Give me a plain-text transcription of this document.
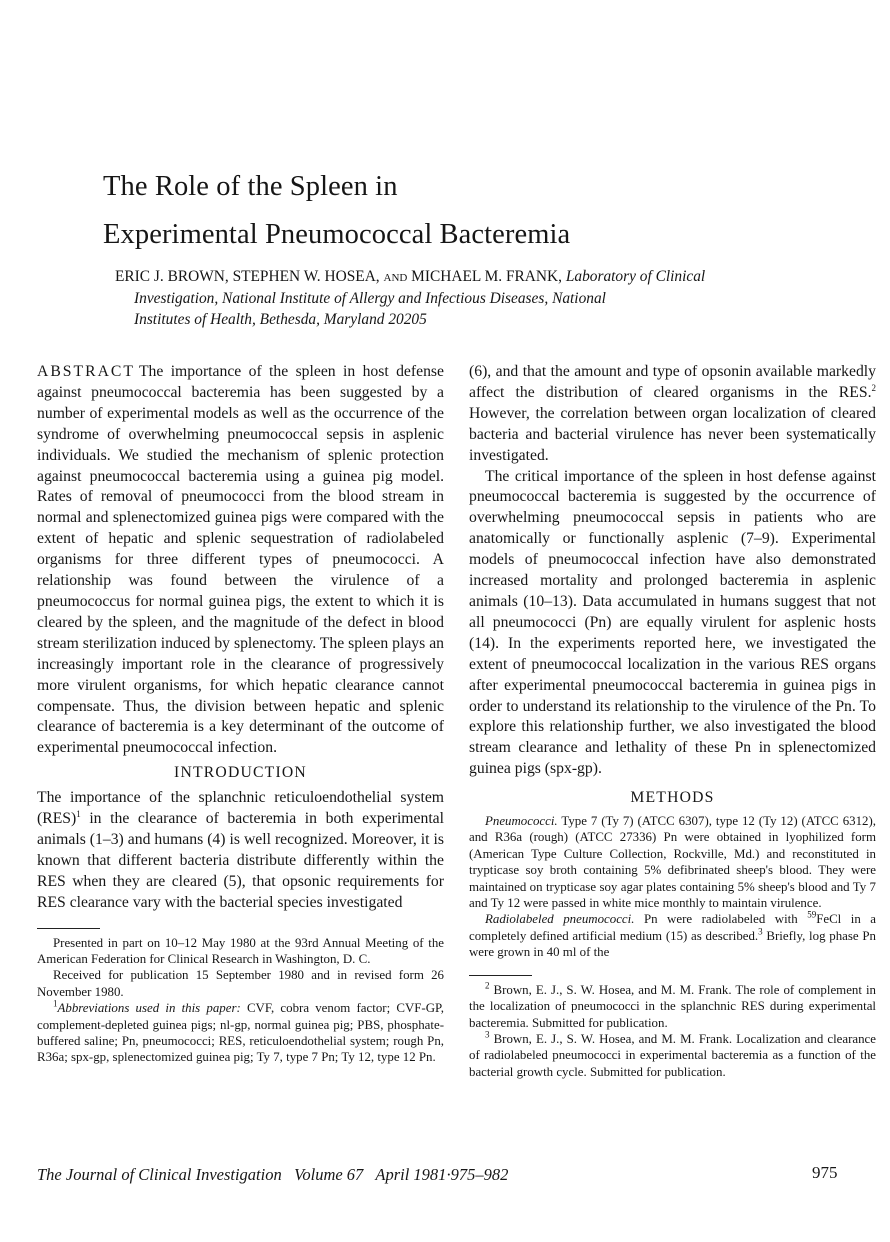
The Role of the Spleen in
Experimental Pneumococcal Bacteremia
ERIC J. BROWN, STEPHEN W. HOSEA, and MICHAEL M. FRANK, Laboratory of Clinical
Investigation, National Institute of Allergy and Infectious Diseases, National
Institutes of Health, Bethesda, Maryland 20205

ABSTRACT The importance of the spleen in host defense against pneumococcal bacteremia has been suggested by a number of experimental models as well as the occurrence of the syndrome of overwhelming pneumococcal sepsis in asplenic individuals. We studied the mechanism of splenic protection against pneumococcal bacteremia using a guinea pig model. Rates of removal of pneumococci from the blood stream in normal and splenectomized guinea pigs were compared with the extent of hepatic and splenic sequestration of radiolabeled organisms for three different types of pneumococci. A relationship was found between the virulence of a pneumococcus for normal guinea pigs, the extent to which it is cleared by the spleen, and the magnitude of the defect in blood stream sterilization induced by splenectomy. The spleen plays an increasingly important role in the clearance of progressively more virulent organisms, for which hepatic clearance cannot compensate. Thus, the division between hepatic and splenic clearance of bacteremia is a key determinant of the outcome of experimental pneumococcal infection.

INTRODUCTION

The importance of the splanchnic reticuloendothelial system (RES)$^1$ in the clearance of bacteremia in both experimental animals (1–3) and humans (4) is well recognized. Moreover, it is known that different bacteria distribute differently within the RES when they are cleared (5), that opsonic requirements for RES clearance vary with the bacterial species investigated

Presented in part on 10–12 May 1980 at the 93rd Annual Meeting of the American Federation for Clinical Research in Washington, D. C.

Received for publication 15 September 1980 and in revised form 26 November 1980.

$^1$Abbreviations used in this paper: CVF, cobra venom factor; CVF-GP, complement-depleted guinea pigs; nl-gp, normal guinea pig; PBS, phosphate-buffered saline; Pn, pneumococci; RES, reticuloendothelial system; rough Pn, R36a; spx-gp, splenectomized guinea pig; Ty 7, type 7 Pn; Ty 12, type 12 Pn.

(6), and that the amount and type of opsonin available markedly affect the distribution of cleared organisms in the RES.$^2$ However, the correlation between organ localization of cleared bacteria and bacterial virulence has never been systematically investigated.

The critical importance of the spleen in host defense against pneumococcal bacteremia is suggested by the occurrence of overwhelming pneumococcal sepsis in patients who are anatomically or functionally asplenic (7–9). Experimental models of pneumococcal infection have also demonstrated increased mortality and prolonged bacteremia in asplenic animals (10–13). Data accumulated in humans suggest that not all pneumococci (Pn) are equally virulent for asplenic hosts (14). In the experiments reported here, we investigated the extent of pneumococcal localization in the various RES organs after experimental pneumococcal bacteremia in guinea pigs in order to understand its relationship to the virulence of the Pn. To explore this relationship further, we also investigated the blood stream clearance and lethality of these Pn in splenectomized guinea pigs (spx-gp).

METHODS

Pneumococci. Type 7 (Ty 7) (ATCC 6307), type 12 (Ty 12) (ATCC 6312), and R36a (rough) (ATCC 27336) Pn were obtained in lyophilized form (American Type Culture Collection, Rockville, Md.) and reconstituted in trypticase soy broth containing 5% defibrinated sheep's blood. They were maintained on trypticase soy agar plates containing 5% sheep's blood and Ty 7 and Ty 12 were passed in white mice monthly to maintain virulence.

Radiolabeled pneumococci. Pn were radiolabeled with $^{59}$FeCl in a completely defined artificial medium (15) as described.$^3$ Briefly, log phase Pn were grown in 40 ml of the

$^2$ Brown, E. J., S. W. Hosea, and M. M. Frank. The role of complement in the localization of pneumococci in the splanchnic RES during experimental bacteremia. Submitted for publication.

$^3$ Brown, E. J., S. W. Hosea, and M. M. Frank. Localization and clearance of radiolabeled pneumococci in experimental bacteremia as a function of the bacterial growth cycle. Submitted for publication.

The Journal of Clinical Investigation Volume 67 April 1981·975–982	975
